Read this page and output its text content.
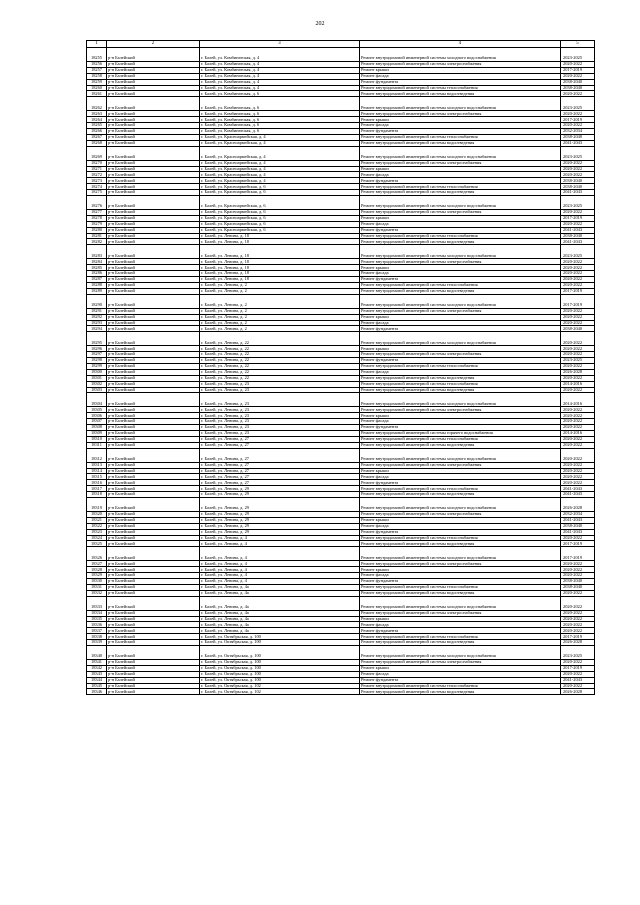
202
1	2	3	4	5
18255	р-н Балейский	г. Балей, ул. Комбинатская, д. 4	Ремонт внутридомовой инженерной системы холодного водоснабжения	2023-2025
18256	р-н Балейский	г. Балей, ул. Комбинатская, д. 4	Ремонт внутридомовой инженерной системы электроснабжения	2020-2022
18257	р-н Балейский	г. Балей, ул. Комбинатская, д. 4	Ремонт крыши	2017-2019
18258	р-н Балейский	г. Балей, ул. Комбинатская, д. 4	Ремонт фасада	2020-2022
18259	р-н Балейский	г. Балей, ул. Комбинатская, д. 4	Ремонт фундамента	2038-2040
18260	р-н Балейский	г. Балей, ул. Комбинатская, д. 4	Ремонт внутридомовой инженерной системы теплоснабжения	2038-2040
18261	р-н Балейский	г. Балей, ул. Комбинатская, д. 6	Ремонт внутридомовой инженерной системы водоотведения	2020-2022
18262	р-н Балейский	г. Балей, ул. Комбинатская, д. 6	Ремонт внутридомовой инженерной системы холодного водоснабжения	2023-2025
18263	р-н Балейский	г. Балей, ул. Комбинатская, д. 6	Ремонт внутридомовой инженерной системы электроснабжения	2020-2022
18264	р-н Балейский	г. Балей, ул. Комбинатская, д. 6	Ремонт крыши	2017-2019
18265	р-н Балейский	г. Балей, ул. Комбинатская, д. 6	Ремонт фасада	2020-2022
18266	р-н Балейский	г. Балей, ул. Комбинатская, д. 6	Ремонт фундамента	2032-2034
18267	р-н Балейский	г. Балей, ул. Красноармейская, д. 4	Ремонт внутридомовой инженерной системы теплоснабжения	2038-2040
18268	р-н Балейский	г. Балей, ул. Красноармейская, д. 4	Ремонт внутридомовой инженерной системы водоотведения	2041-2043
18269	р-н Балейский	г. Балей, ул. Красноармейская, д. 4	Ремонт внутридомовой инженерной системы холодного водоснабжения	2023-2025
18270	р-н Балейский	г. Балей, ул. Красноармейская, д. 4	Ремонт внутридомовой инженерной системы электроснабжения	2020-2022
18271	р-н Балейский	г. Балей, ул. Красноармейская, д. 4	Ремонт крыши	2020-2022
18272	р-н Балейский	г. Балей, ул. Красноармейская, д. 4	Ремонт фасада	2020-2022
18273	р-н Балейский	г. Балей, ул. Красноармейская, д. 4	Ремонт фундамента	2038-2040
18274	р-н Балейский	г. Балей, ул. Красноармейская, д. 6	Ремонт внутридомовой инженерной системы теплоснабжения	2038-2040
18275	р-н Балейский	г. Балей, ул. Красноармейская, д. 6	Ремонт внутридомовой инженерной системы водоотведения	2041-2043
18276	р-н Балейский	г. Балей, ул. Красноармейская, д. 6	Ремонт внутридомовой инженерной системы холодного водоснабжения	2023-2025
18277	р-н Балейский	г. Балей, ул. Красноармейская, д. 6	Ремонт внутридомовой инженерной системы электроснабжения	2020-2022
18278	р-н Балейский	г. Балей, ул. Красноармейская, д. 6	Ремонт крыши	2017-2019
18279	р-н Балейский	г. Балей, ул. Красноармейская, д. 6	Ремонт фасада	2020-2022
18280	р-н Балейский	г. Балей, ул. Красноармейская, д. 6	Ремонт фундамента	2041-2043
18281	р-н Балейский	г. Балей, ул. Ленина, д. 18	Ремонт внутридомовой инженерной системы теплоснабжения	2038-2040
18282	р-н Балейский	г. Балей, ул. Ленина, д. 18	Ремонт внутридомовой инженерной системы водоотведения	2041-2043
18283	р-н Балейский	г. Балей, ул. Ленина, д. 18	Ремонт внутридомовой инженерной системы холодного водоснабжения	2023-2025
18284	р-н Балейский	г. Балей, ул. Ленина, д. 18	Ремонт внутридомовой инженерной системы электроснабжения	2020-2022
18285	р-н Балейский	г. Балей, ул. Ленина, д. 18	Ремонт крыши	2020-2022
18286	р-н Балейский	г. Балей, ул. Ленина, д. 18	Ремонт фасада	2020-2022
18287	р-н Балейский	г. Балей, ул. Ленина, д. 18	Ремонт фундамента	2020-2022
18288	р-н Балейский	г. Балей, ул. Ленина, д. 2	Ремонт внутридомовой инженерной системы теплоснабжения	2020-2022
18289	р-н Балейский	г. Балей, ул. Ленина, д. 2	Ремонт внутридомовой инженерной системы водоотведения	2017-2019
18290	р-н Балейский	г. Балей, ул. Ленина, д. 2	Ремонт внутридомовой инженерной системы холодного водоснабжения	2017-2019
18291	р-н Балейский	г. Балей, ул. Ленина, д. 2	Ремонт внутридомовой инженерной системы электроснабжения	2020-2022
18292	р-н Балейский	г. Балей, ул. Ленина, д. 2	Ремонт крыши	2020-2022
18293	р-н Балейский	г. Балей, ул. Ленина, д. 2	Ремонт фасада	2020-2022
18294	р-н Балейский	г. Балей, ул. Ленина, д. 2	Ремонт фундамента	2038-2040
18295	р-н Балейский	г. Балей, ул. Ленина, д. 22	Ремонт внутридомовой инженерной системы холодного водоснабжения	2020-2022
18296	р-н Балейский	г. Балей, ул. Ленина, д. 22	Ремонт крыши	2020-2022
18297	р-н Балейский	г. Балей, ул. Ленина, д. 22	Ремонт внутридомовой инженерной системы электроснабжения	2020-2022
18298	р-н Балейский	г. Балей, ул. Ленина, д. 22	Ремонт фундамента	2023-2025
18299	р-н Балейский	г. Балей, ул. Ленина, д. 22	Ремонт внутридомовой инженерной системы теплоснабжения	2020-2022
18300	р-н Балейский	г. Балей, ул. Ленина, д. 22	Ремонт фасада	2026-2028
18301	р-н Балейский	г. Балей, ул. Ленина, д. 22	Ремонт внутридомовой инженерной системы водоотведения	2020-2022
18302	р-н Балейский	г. Балей, ул. Ленина, д. 23	Ремонт внутридомовой инженерной системы теплоснабжения	2014-2016
18303	р-н Балейский	г. Балей, ул. Ленина, д. 23	Ремонт внутридомовой инженерной системы водоотведения	2020-2022
18304	р-н Балейский	г. Балей, ул. Ленина, д. 23	Ремонт внутридомовой инженерной системы холодного водоснабжения	2014-2016
18305	р-н Балейский	г. Балей, ул. Ленина, д. 23	Ремонт внутридомовой инженерной системы электроснабжения	2020-2022
18306	р-н Балейский	г. Балей, ул. Ленина, д. 23	Ремонт крыши	2020-2022
18307	р-н Балейский	г. Балей, ул. Ленина, д. 23	Ремонт фасада	2020-2022
18308	р-н Балейский	г. Балей, ул. Ленина, д. 23	Ремонт фундамента	2020-2022
18309	р-н Балейский	г. Балей, ул. Ленина, д. 23	Ремонт внутридомовой инженерной системы горячего водоснабжения	2014-2016
18310	р-н Балейский	г. Балей, ул. Ленина, д. 27	Ремонт внутридомовой инженерной системы теплоснабжения	2020-2022
18311	р-н Балейский	г. Балей, ул. Ленина, д. 27	Ремонт внутридомовой инженерной системы водоотведения	2020-2022
18312	р-н Балейский	г. Балей, ул. Ленина, д. 27	Ремонт внутридомовой инженерной системы холодного водоснабжения	2020-2022
18313	р-н Балейский	г. Балей, ул. Ленина, д. 27	Ремонт внутридомовой инженерной системы электроснабжения	2020-2022
18314	р-н Балейский	г. Балей, ул. Ленина, д. 27	Ремонт крыши	2020-2022
18315	р-н Балейский	г. Балей, ул. Ленина, д. 27	Ремонт фасада	2020-2022
18316	р-н Балейский	г. Балей, ул. Ленина, д. 27	Ремонт фундамента	2020-2022
18317	р-н Балейский	г. Балей, ул. Ленина, д. 29	Ремонт внутридомовой инженерной системы теплоснабжения	2041-2043
18318	р-н Балейский	г. Балей, ул. Ленина, д. 29	Ремонт внутридомовой инженерной системы водоотведения	2041-2043
18319	р-н Балейский	г. Балей, ул. Ленина, д. 29	Ремонт внутридомовой инженерной системы холодного водоснабжения	2026-2028
18320	р-н Балейский	г. Балей, ул. Ленина, д. 29	Ремонт внутридомовой инженерной системы электроснабжения	2032-2034
18321	р-н Балейский	г. Балей, ул. Ленина, д. 29	Ремонт крыши	2041-2043
18322	р-н Балейский	г. Балей, ул. Ленина, д. 29	Ремонт фасада	2038-2040
18323	р-н Балейский	г. Балей, ул. Ленина, д. 29	Ремонт фундамента	2041-2043
18324	р-н Балейский	г. Балей, ул. Ленина, д. 4	Ремонт внутридомовой инженерной системы теплоснабжения	2020-2022
18325	р-н Балейский	г. Балей, ул. Ленина, д. 4	Ремонт внутридомовой инженерной системы водоотведения	2017-2019
18326	р-н Балейский	г. Балей, ул. Ленина, д. 4	Ремонт внутридомовой инженерной системы холодного водоснабжения	2017-2019
18327	р-н Балейский	г. Балей, ул. Ленина, д. 4	Ремонт внутридомовой инженерной системы электроснабжения	2020-2022
18328	р-н Балейский	г. Балей, ул. Ленина, д. 4	Ремонт крыши	2020-2022
18329	р-н Балейский	г. Балей, ул. Ленина, д. 4	Ремонт фасада	2020-2022
18330	р-н Балейский	г. Балей, ул. Ленина, д. 4	Ремонт фундамента	2038-2040
18331	р-н Балейский	г. Балей, ул. Ленина, д. 4а	Ремонт внутридомовой инженерной системы теплоснабжения	2038-2040
18332	р-н Балейский	г. Балей, ул. Ленина, д. 4а	Ремонт внутридомовой инженерной системы водоотведения	2020-2022
18333	р-н Балейский	г. Балей, ул. Ленина, д. 4а	Ремонт внутридомовой инженерной системы холодного водоснабжения	2020-2022
18334	р-н Балейский	г. Балей, ул. Ленина, д. 4а	Ремонт внутридомовой инженерной системы электроснабжения	2020-2022
18335	р-н Балейский	г. Балей, ул. Ленина, д. 4а	Ремонт крыши	2020-2022
18336	р-н Балейский	г. Балей, ул. Ленина, д. 4а	Ремонт фасада	2020-2022
18337	р-н Балейский	г. Балей, ул. Ленина, д. 4а	Ремонт фундамента	2020-2022
18338	р-н Балейский	г. Балей, ул. Октябрьская, д. 100	Ремонт внутридомовой инженерной системы теплоснабжения	2017-2019
18339	р-н Балейский	г. Балей, ул. Октябрьская, д. 100	Ремонт внутридомовой инженерной системы водоотведения	2026-2028
18340	р-н Балейский	г. Балей, ул. Октябрьская, д. 100	Ремонт внутридомовой инженерной системы холодного водоснабжения	2023-2025
18341	р-н Балейский	г. Балей, ул. Октябрьская, д. 100	Ремонт внутридомовой инженерной системы электроснабжения	2020-2022
18342	р-н Балейский	г. Балей, ул. Октябрьская, д. 100	Ремонт крыши	2017-2019
18343	р-н Балейский	г. Балей, ул. Октябрьская, д. 100	Ремонт фасада	2020-2022
18344	р-н Балейский	г. Балей, ул. Октябрьская, д. 100	Ремонт фундамента	2041-2043
18345	р-н Балейский	г. Балей, ул. Октябрьская, д. 102	Ремонт внутридомовой инженерной системы теплоснабжения	2020-2022
18346	р-н Балейский	г. Балей, ул. Октябрьская, д. 102	Ремонт внутридомовой инженерной системы водоотведения	2026-2028
